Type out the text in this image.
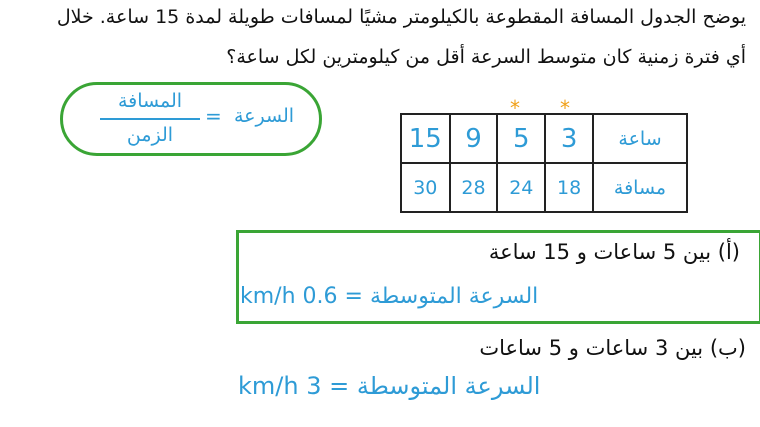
يوضح الجدول المسافة المقطوعة بالكيلومتر مشيًا لمسافات طويلة لمدة 15 ساعة. خلال
أي فترة زمنية كان متوسط السرعة أقل من كيلومترين لكل ساعة؟
السرعة
=
المسافة
الزمن
* *
15	9	5	3	ساعة
30	28	24	18	مسافة
(أ) بين 5 ساعات و 15 ساعة
السرعة المتوسطة = 0.6 km/h
(ب) بين 3 ساعات و 5 ساعات
السرعة المتوسطة = 3 km/h
